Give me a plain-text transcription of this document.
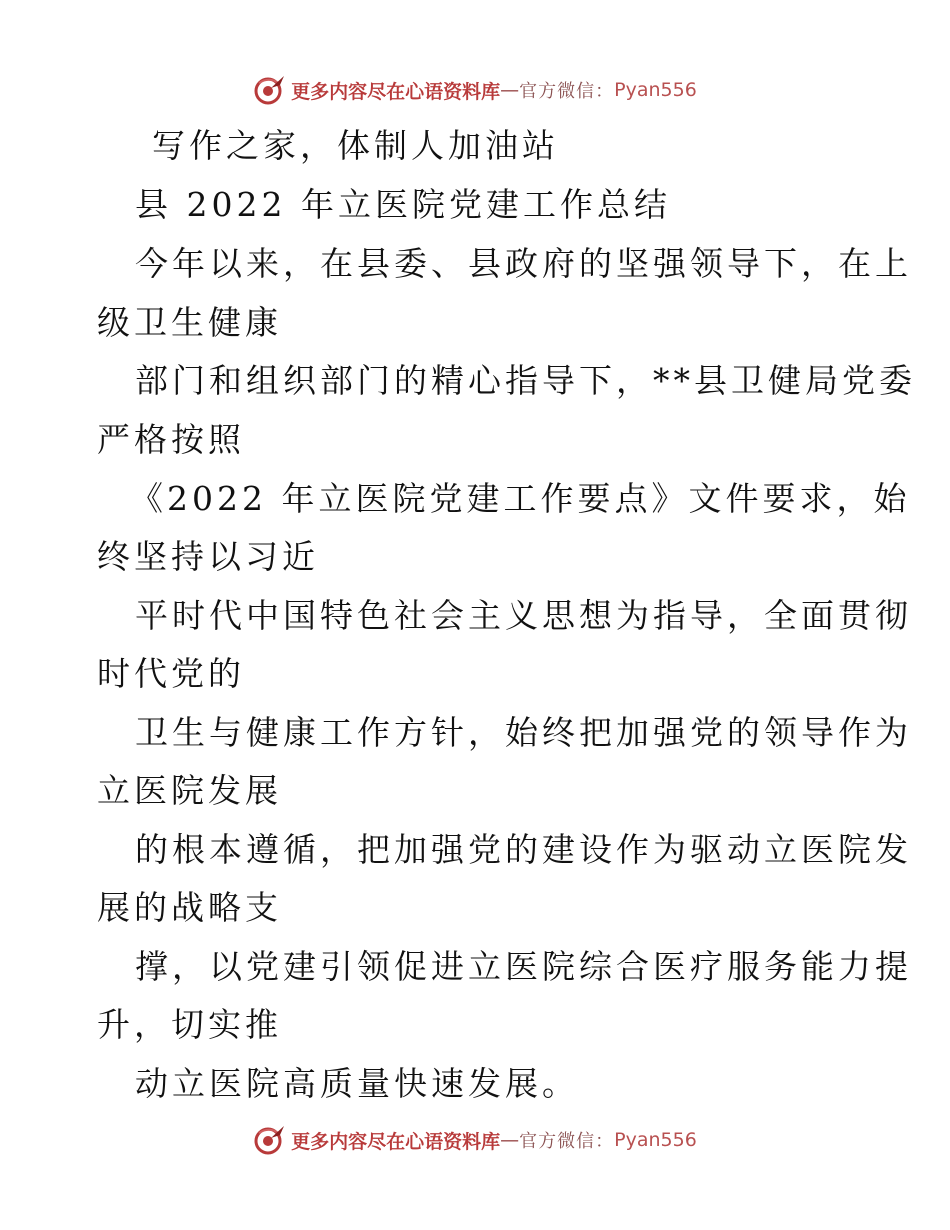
更多内容尽在心语资料库 — 官方微信： Pyan556
写作之家，体制人加油站
县 2022 年立医院党建工作总结
今年以来，在县委、县政府的坚强领导下，在上
级卫生健康
部门和组织部门的精心指导下，**县卫健局党委
严格按照
《2022 年立医院党建工作要点》文件要求，始
终坚持以习近
平时代中国特色社会主义思想为指导，全面贯彻
时代党的
卫生与健康工作方针，始终把加强党的领导作为
立医院发展
的根本遵循，把加强党的建设作为驱动立医院发
展的战略支
撑，以党建引领促进立医院综合医疗服务能力提
升，切实推
动立医院高质量快速发展。
更多内容尽在心语资料库 — 官方微信： Pyan556
